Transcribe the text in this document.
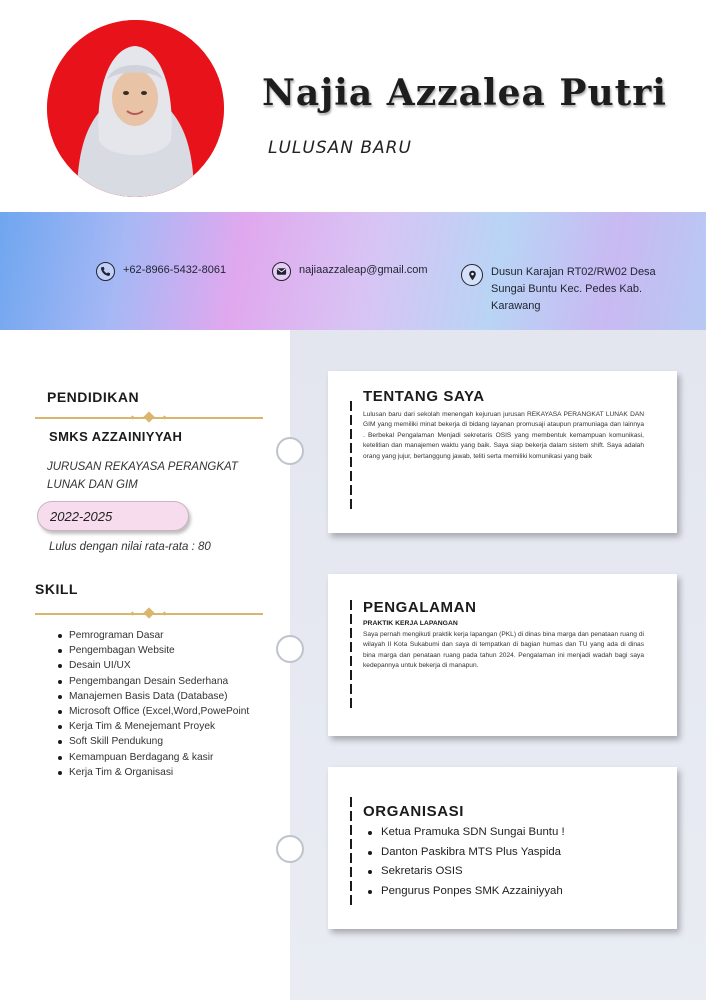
Najia Azzalea Putri
LULUSAN BARU
+62-8966-5432-8061	najiaazzaleap@gmail.com	Dusun Karajan RT02/RW02 Desa Sungai Buntu Kec. Pedes Kab. Karawang
TENTANG SAYA
Lulusan baru dari sekolah menengah kejuruan jurusan REKAYASA PERANGKAT LUNAK DAN GIM yang memiliki minat bekerja di bidang layanan promusaji ataupun pramuniaga dan lainnya . Berbekal Pengalaman Menjadi sekretaris OSIS yang membentuk kemampuan komunikasi, ketelitian dan manajemen waktu yang baik. Saya siap bekerja dalam sistem shift. Saya adalah orang yang jujur, bertanggung jawab, teliti serta memiliki komunikasi yang baik
PENGALAMAN
PRAKTIK KERJA LAPANGAN
Saya pernah mengikuti praktik kerja lapangan (PKL) di dinas bina marga dan penataan ruang di wilayah II Kota Sukabumi dan saya di tempatkan di bagian humas dan TU yang ada di dinas bina marga dan penataan ruang pada tahun 2024. Pengalaman ini menjadi wadah bagi saya kedepannya untuk bekerja di manapun.
ORGANISASI
Ketua Pramuka SDN Sungai Buntu !
Danton Paskibra MTS Plus Yaspida
Sekretaris OSIS
Pengurus Ponpes SMK Azzainiyyah
PENDIDIKAN
SMKS AZZAINIYYAH
JURUSAN REKAYASA PERANGKAT LUNAK DAN GIM
2022-2025
Lulus dengan nilai rata-rata : 80
SKILL
Pemrograman Dasar
Pengembagan Website
Desain UI/UX
Pengembangan Desain Sederhana
Manajemen Basis Data (Database)
Microsoft Office (Excel,Word,PowePoint
Kerja Tim & Menejemant Proyek
Soft Skill Pendukung
Kemampuan Berdagang & kasir
Kerja Tim & Organisasi
